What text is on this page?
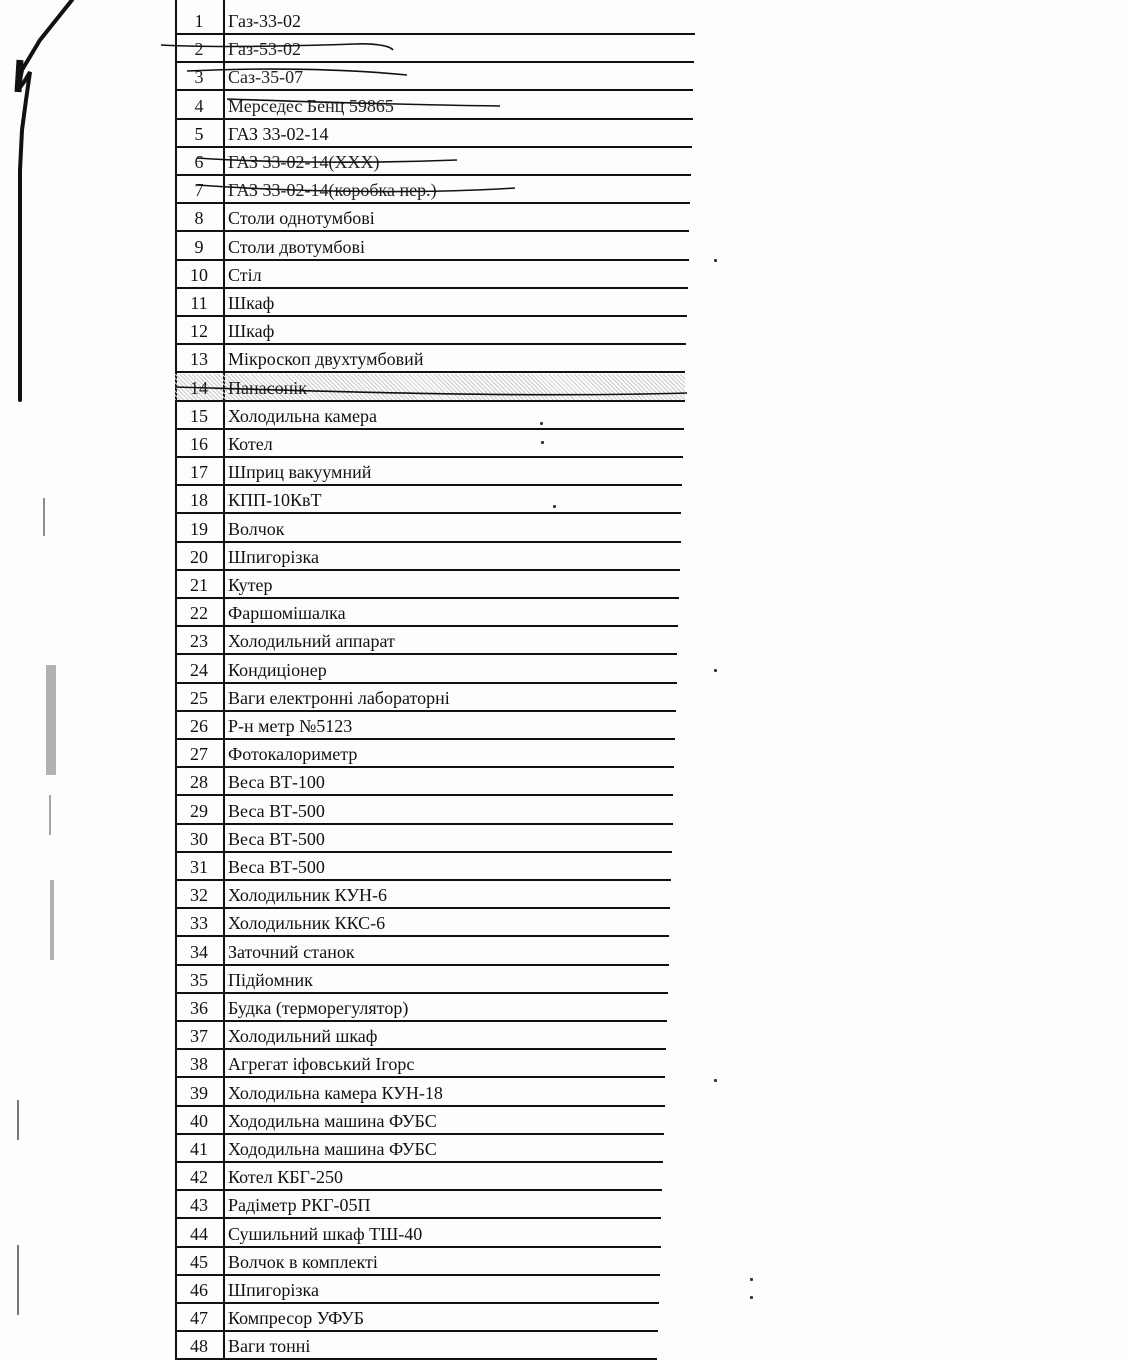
1	Газ-33-02
2	Газ-53-02
3	Саз-35-07
4	Мерседес Бенц 59865
5	ГАЗ 33-02-14
6	ГАЗ 33-02-14(XXX)
7	ГАЗ 33-02-14(коробка пер.)
8	Столи однотумбові
9	Столи двотумбові
10	Стіл
11	Шкаф
12	Шкаф
13	Мікроскоп двухтумбовий
14	Панасонік
15	Холодильна камера
16	Котел
17	Шприц вакуумний
18	КПП-10КвТ
19	Волчок
20	Шпигорізка
21	Кутер
22	Фаршомішалка
23	Холодильний аппарат
24	Кондиціонер
25	Ваги електронні лабораторні
26	Р-н метр №5123
27	Фотокалориметр
28	Веса ВТ-100
29	Веса ВТ-500
30	Веса ВТ-500
31	Веса ВТ-500
32	Холодильник КУН-6
33	Холодильник ККС-6
34	Заточний станок
35	Підйомник
36	Будка (терморегулятор)
37	Холодильний шкаф
38	Агрегат іфовський Ігорс
39	Холодильна камера КУН-18
40	Хододильна машина ФУБС
41	Хододильна машина ФУБС
42	Котел КБГ-250
43	Радіметр РКГ-05П
44	Сушильний шкаф ТШ-40
45	Волчок в комплекті
46	Шпигорізка
47	Компресор УФУБ
48	Ваги тонні
